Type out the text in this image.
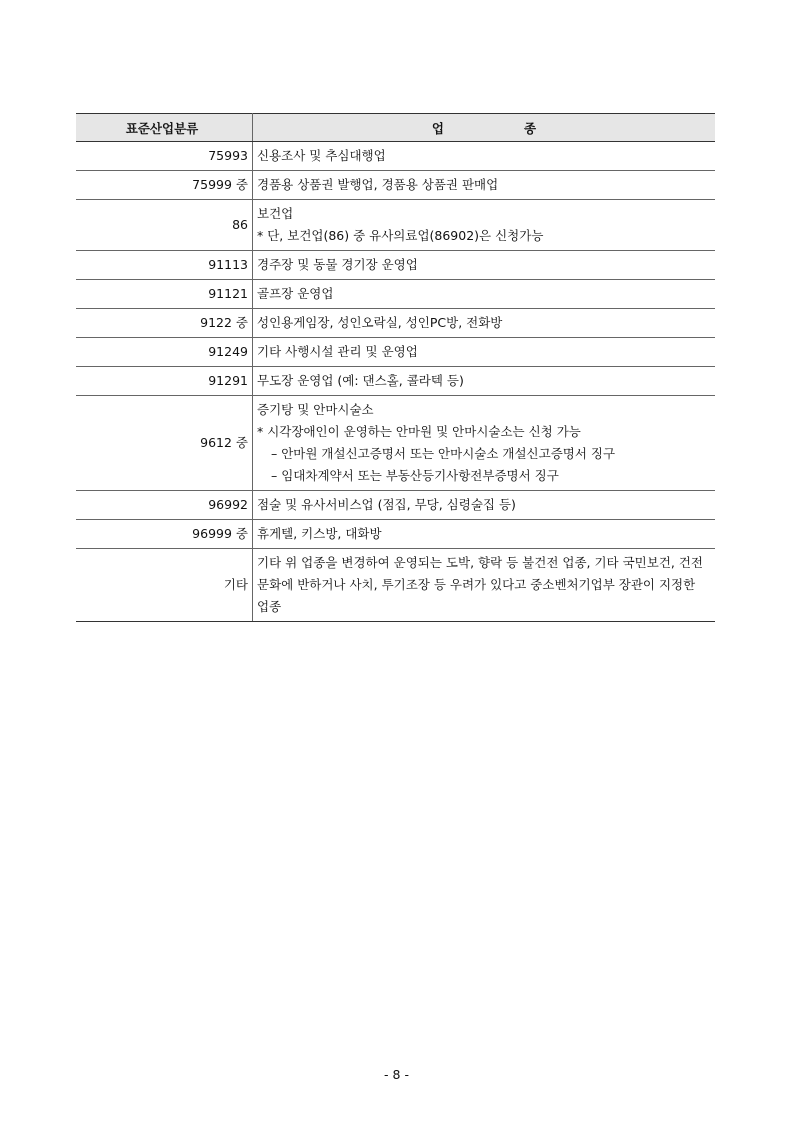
표준산업분류	업 종
75993	신용조사 및 추심대행업

75999 중	경품용 상품권 발행업, 경품용 상품권 판매업

86	보건업
* 단, 보건업(86) 중 유사의료업(86902)은 신청가능

91113	경주장 및 동물 경기장 운영업

91121	골프장 운영업

9122 중	성인용게임장, 성인오락실, 성인PC방, 전화방

91249	기타 사행시설 관리 및 운영업

91291	무도장 운영업 (예: 댄스홀, 콜라텍 등)

9612 중	증기탕 및 안마시술소
* 시각장애인이 운영하는 안마원 및 안마시술소는 신청 가능
– 안마원 개설신고증명서 또는 안마시술소 개설신고증명서 징구
– 임대차계약서 또는 부동산등기사항전부증명서 징구

96992	점술 및 유사서비스업 (점집, 무당, 심령술집 등)

96999 중	휴게텔, 키스방, 대화방

기타	기타 위 업종을 변경하여 운영되는 도박, 향락 등 불건전 업종, 기타 국민보건, 건전문화에 반하거나 사치, 투기조장 등 우려가 있다고 중소벤처기업부 장관이 지정한 업종
- 8 -
